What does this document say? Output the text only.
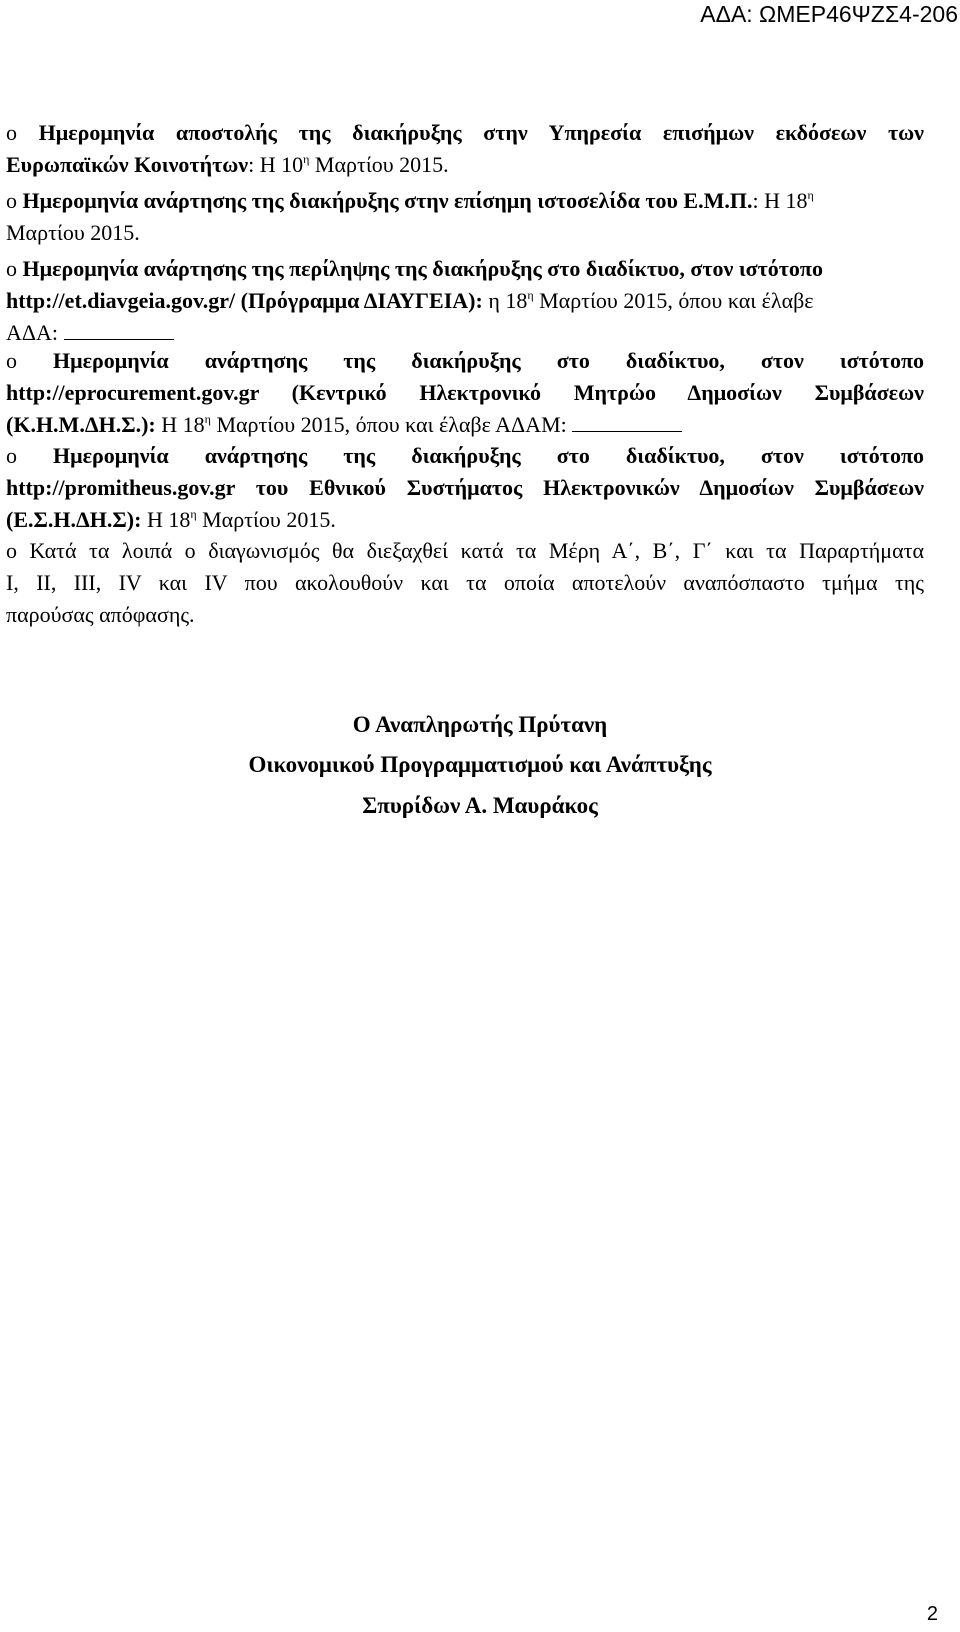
ΑΔΑ: ΩΜΕΡ46ΨΖΣ4-206
o Ημερομηνία αποστολής της διακήρυξης στην Υπηρεσία επισήμων εκδόσεων των
Ευρωπαϊκών Κοινοτήτων: Η $10^\eta$ Μαρτίου 2015.
o Ημερομηνία ανάρτησης της διακήρυξης στην επίσημη ιστοσελίδα του Ε.Μ.Π.: Η $18^\eta$
Μαρτίου 2015.
o Ημερομηνία ανάρτησης της περίληψης της διακήρυξης στο διαδίκτυο, στον ιστότοπο
http://et.diavgeia.gov.gr/ (Πρόγραμμα ΔΙΑΥΓΕΙΑ): η $18^\eta$ Μαρτίου 2015, όπου και έλαβε
ΑΔΑ:
o Ημερομηνία ανάρτησης της διακήρυξης στο διαδίκτυο, στον ιστότοπο
http://eprocurement.gov.gr (Κεντρικό Ηλεκτρονικό Μητρώο Δημοσίων Συμβάσεων
(Κ.Η.Μ.ΔΗ.Σ.): Η $18^\eta$ Μαρτίου 2015, όπου και έλαβε ΑΔΑΜ:
o Ημερομηνία ανάρτησης της διακήρυξης στο διαδίκτυο, στον ιστότοπο
http://promitheus.gov.gr του Εθνικού Συστήματος Ηλεκτρονικών Δημοσίων Συμβάσεων
(Ε.Σ.Η.ΔΗ.Σ): Η $18^\eta$ Μαρτίου 2015.
ο Κατά τα λοιπά ο διαγωνισμός θα διεξαχθεί κατά τα Μέρη Α΄, Β΄, Γ΄ και τα Παραρτήματα
Ι, ΙΙ, ΙΙΙ, IV και IV που ακολουθούν και τα οποία αποτελούν αναπόσπαστο τμήμα της
παρούσας απόφασης.
Ο Αναπληρωτής Πρύτανη
Οικονομικού Προγραμματισμού και Ανάπτυξης
Σπυρίδων Α. Μαυράκος
2
